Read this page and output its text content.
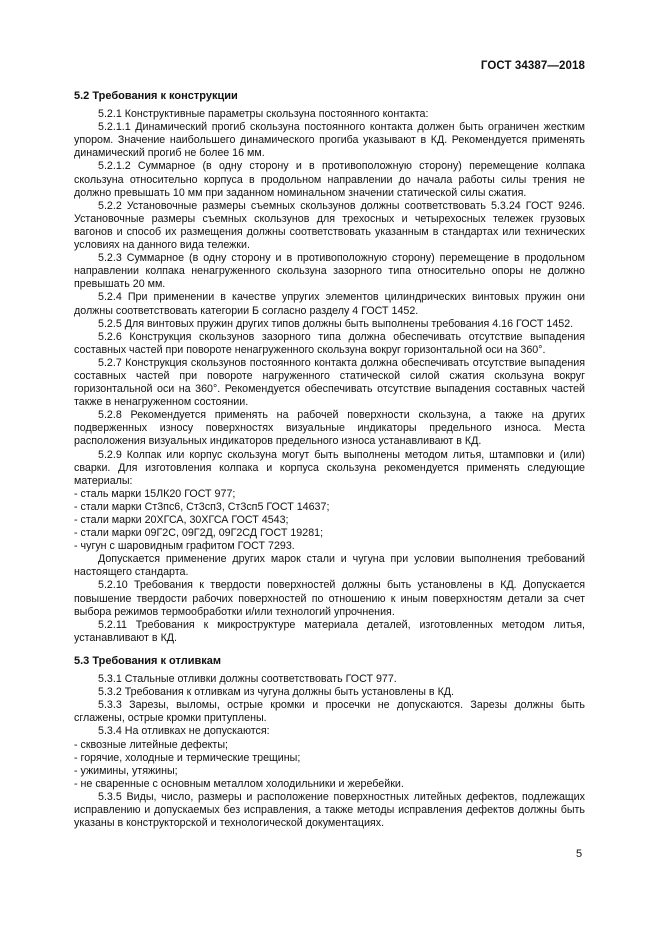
ГОСТ 34387—2018

5.2 Требования к конструкции

5.2.1 Конструктивные параметры скользуна постоянного контакта:

5.2.1.1 Динамический прогиб скользуна постоянного контакта должен быть ограничен жестким упором. Значение наибольшего динамического прогиба указывают в КД. Рекомендуется применять динамический прогиб не более 16 мм.

5.2.1.2 Суммарное (в одну сторону и в противоположную сторону) перемещение колпака скользуна относительно корпуса в продольном направлении до начала работы силы трения не должно превышать 10 мм при заданном номинальном значении статической силы сжатия.

5.2.2 Установочные размеры съемных скользунов должны соответствовать 5.3.24 ГОСТ 9246. Установочные размеры съемных скользунов для трехосных и четырехосных тележек грузовых вагонов и способ их размещения должны соответствовать указанным в стандартах или технических условиях на данного вида тележки.

5.2.3 Суммарное (в одну сторону и в противоположную сторону) перемещение в продольном направлении колпака ненагруженного скользуна зазорного типа относительно опоры не должно превышать 20 мм.

5.2.4 При применении в качестве упругих элементов цилиндрических винтовых пружин они должны соответствовать категории Б согласно разделу 4 ГОСТ 1452.

5.2.5 Для винтовых пружин других типов должны быть выполнены требования 4.16 ГОСТ 1452.

5.2.6 Конструкция скользунов зазорного типа должна обеспечивать отсутствие выпадения составных частей при повороте ненагруженного скользуна вокруг горизонтальной оси на 360°.

5.2.7 Конструкция скользунов постоянного контакта должна обеспечивать отсутствие выпадения составных частей при повороте нагруженного статической силой сжатия скользуна вокруг горизонтальной оси на 360°. Рекомендуется обеспечивать отсутствие выпадения составных частей также в ненагруженном состоянии.

5.2.8 Рекомендуется применять на рабочей поверхности скользуна, а также на других подверженных износу поверхностях визуальные индикаторы предельного износа. Места расположения визуальных индикаторов предельного износа устанавливают в КД.

5.2.9 Колпак или корпус скользуна могут быть выполнены методом литья, штамповки и (или) сварки. Для изготовления колпака и корпуса скользуна рекомендуется применять следующие материалы:

- сталь марки 15ЛК20 ГОСТ 977;

- стали марки Ст3пс6, Ст3сп3, Ст3сп5 ГОСТ 14637;

- стали марки 20ХГСА, 30ХГСА ГОСТ 4543;

- стали марки 09Г2С, 09Г2Д, 09Г2СД ГОСТ 19281;

- чугун с шаровидным графитом ГОСТ 7293.

Допускается применение других марок стали и чугуна при условии выполнения требований настоящего стандарта.

5.2.10 Требования к твердости поверхностей должны быть установлены в КД. Допускается повышение твердости рабочих поверхностей по отношению к иным поверхностям детали за счет выбора режимов термообработки и/или технологий упрочнения.

5.2.11 Требования к микроструктуре материала деталей, изготовленных методом литья, устанавливают в КД.

5.3 Требования к отливкам

5.3.1 Стальные отливки должны соответствовать ГОСТ 977.

5.3.2 Требования к отливкам из чугуна должны быть установлены в КД.

5.3.3 Зарезы, выломы, острые кромки и просечки не допускаются. Зарезы должны быть сглажены, острые кромки притуплены.

5.3.4 На отливках не допускаются:

- сквозные литейные дефекты;

- горячие, холодные и термические трещины;

- ужимины, утяжины;

- не сваренные с основным металлом холодильники и жеребейки.

5.3.5 Виды, число, размеры и расположение поверхностных литейных дефектов, подлежащих исправлению и допускаемых без исправления, а также методы исправления дефектов должны быть указаны в конструкторской и технологической документациях.

5
